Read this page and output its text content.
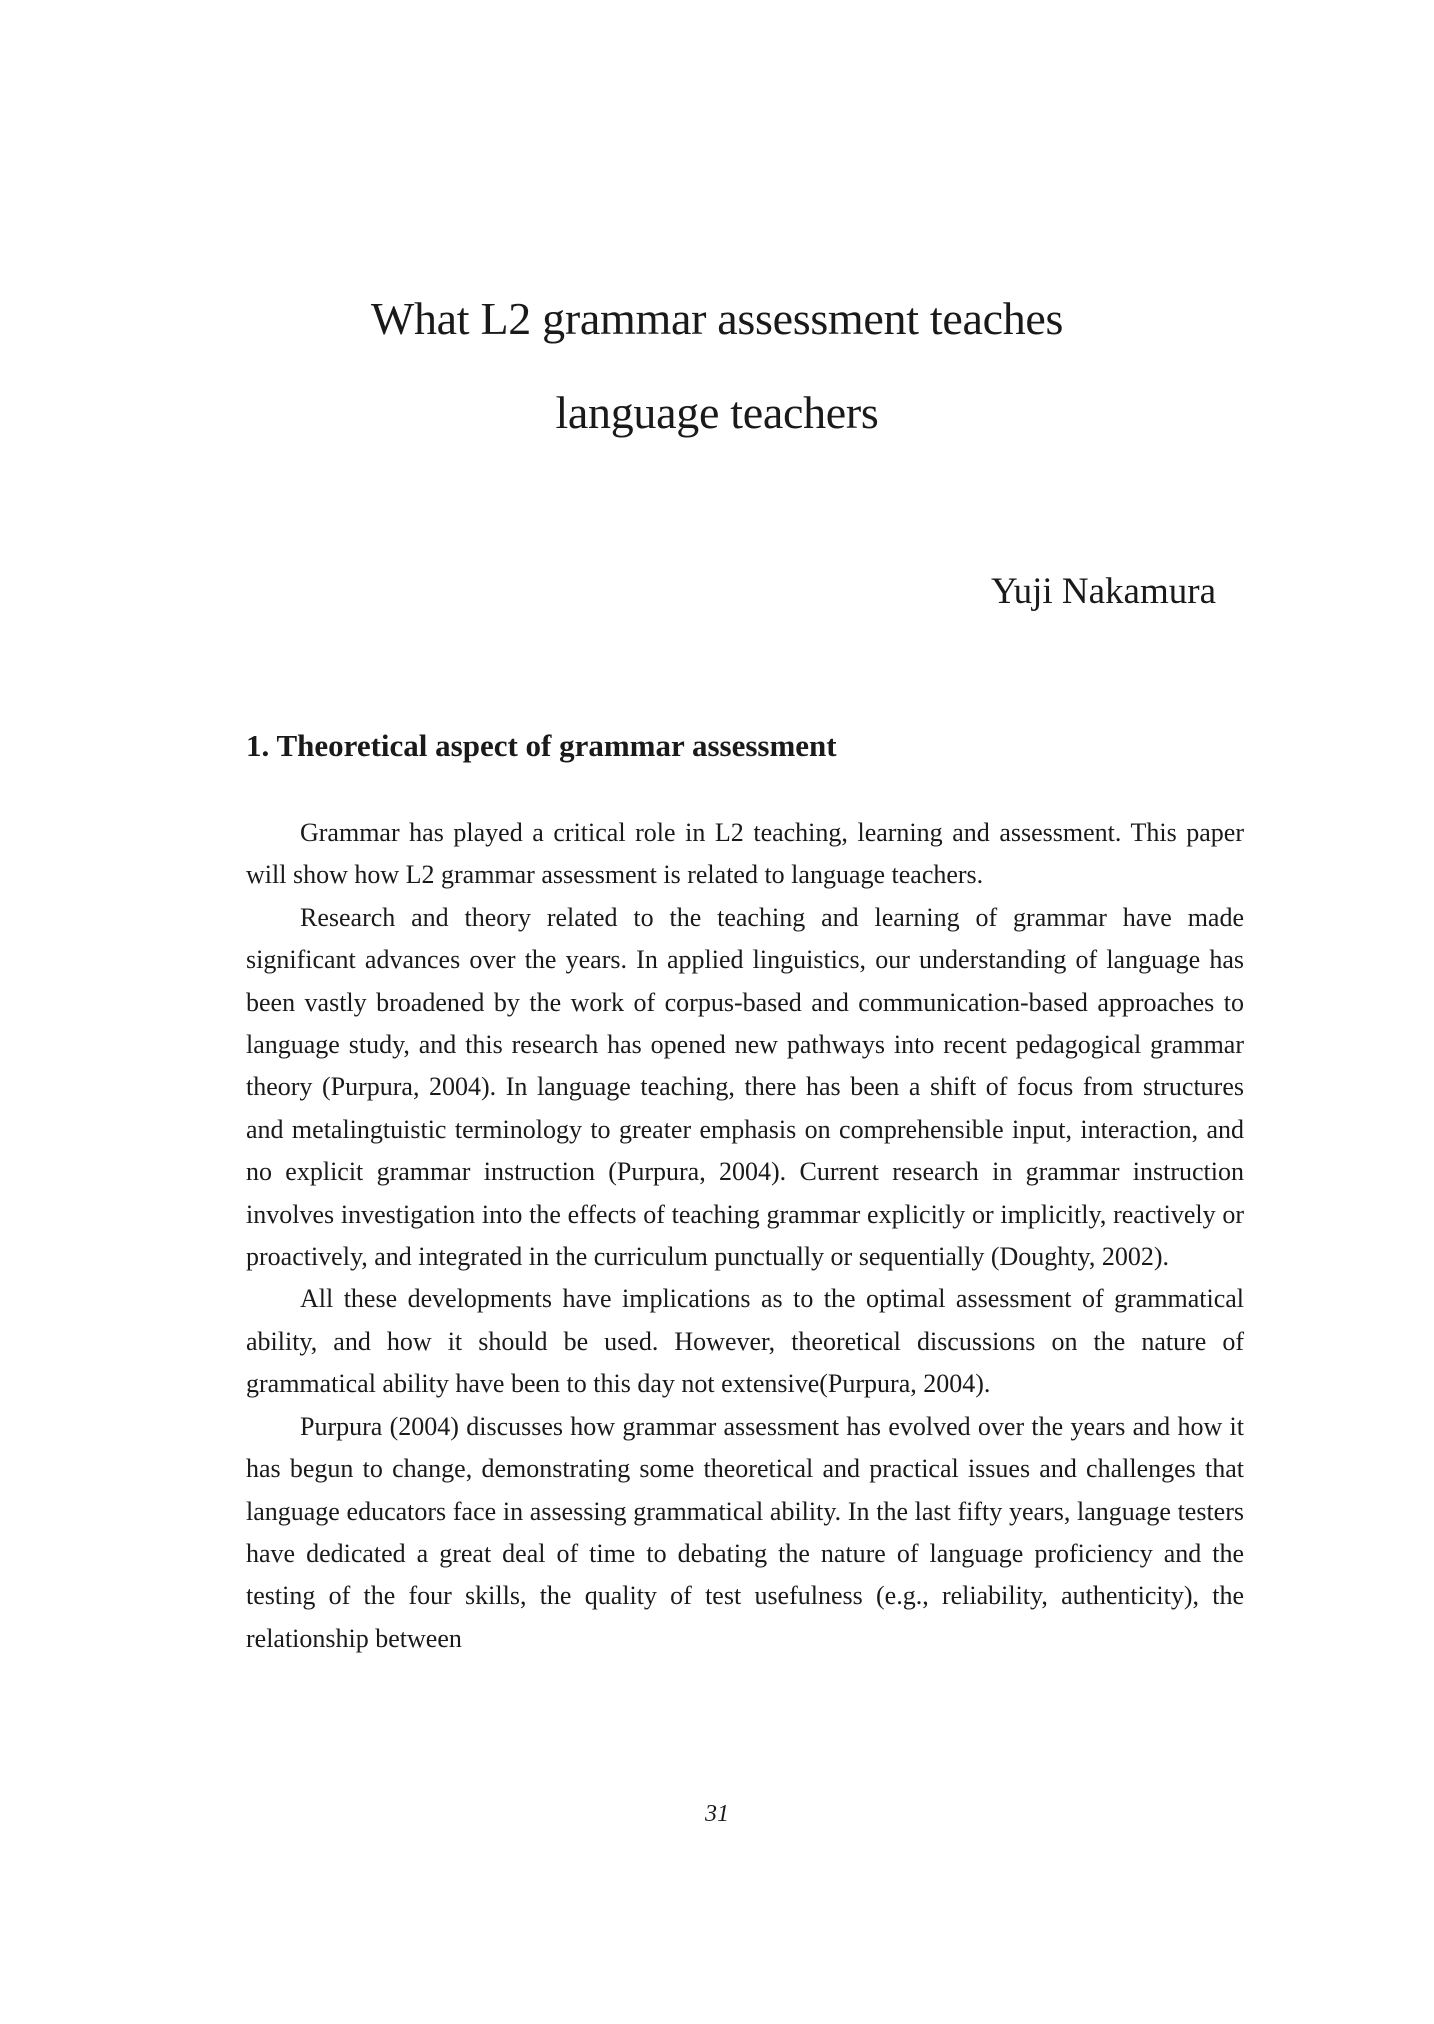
What L2 grammar assessment teaches
language teachers

Yuji Nakamura

1. Theoretical aspect of grammar assessment

Grammar has played a critical role in L2 teaching, learning and assessment. This paper will show how L2 grammar assessment is related to language teachers.

Research and theory related to the teaching and learning of grammar have made significant advances over the years. In applied linguistics, our understanding of language has been vastly broadened by the work of corpus-based and communication-based approaches to language study, and this research has opened new pathways into recent pedagogical grammar theory (Purpura, 2004). In language teaching, there has been a shift of focus from structures and metalingtuistic terminology to greater emphasis on comprehensible input, interaction, and no explicit grammar instruction (Purpura, 2004). Current research in grammar instruction involves investigation into the effects of teaching grammar explicitly or implicitly, reactively or proactively, and integrated in the curriculum punctually or sequentially (Doughty, 2002).

All these developments have implications as to the optimal assessment of grammatical ability, and how it should be used. However, theoretical discussions on the nature of grammatical ability have been to this day not extensive(Purpura, 2004).

Purpura (2004) discusses how grammar assessment has evolved over the years and how it has begun to change, demonstrating some theoretical and practical issues and challenges that language educators face in assessing grammatical ability. In the last fifty years, language testers have dedicated a great deal of time to debating the nature of language proficiency and the testing of the four skills, the quality of test usefulness (e.g., reliability, authenticity), the relationship between

31
